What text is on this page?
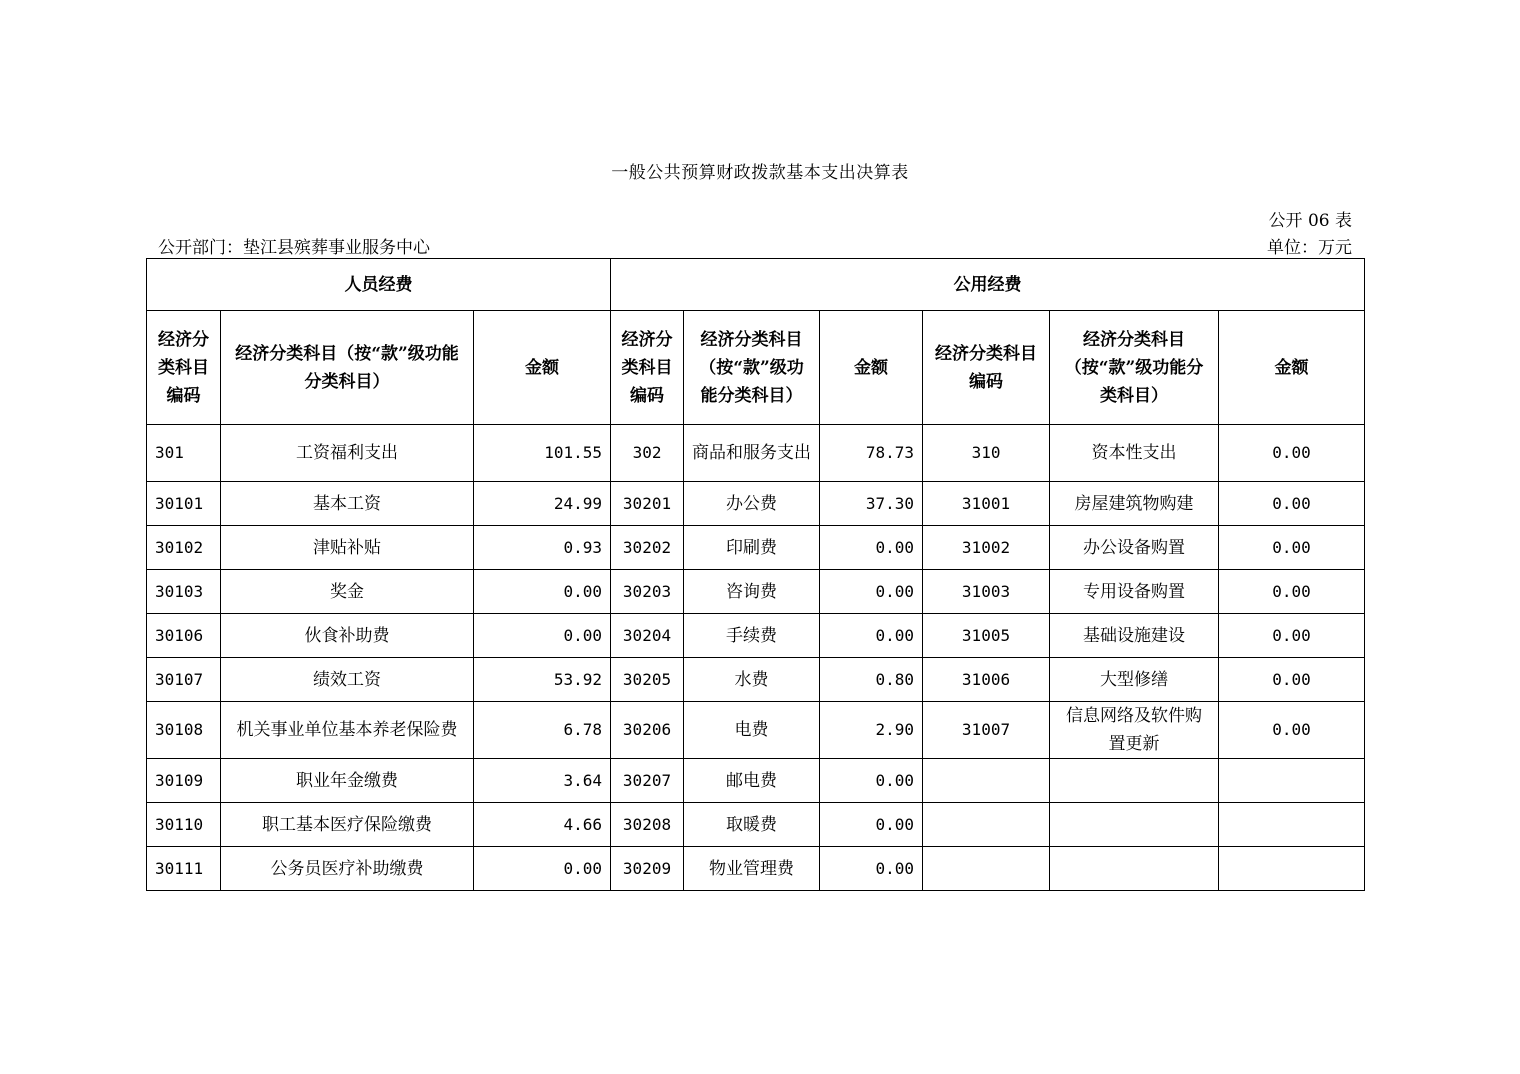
一般公共预算财政拨款基本支出决算表
公开 06 表
公开部门：垫江县殡葬事业服务中心	单位：万元
人员经费			公用经费					
经济分类科目编码	经济分类科目（按“款”级功能分类科目）	金额	经济分类科目编码	经济分类科目（按“款”级功能分类科目）	金额	经济分类科目编码	经济分类科目（按“款”级功能分类科目）	金额
301	工资福利支出	101.55	302	商品和服务支出	78.73	310	资本性支出	0.00
30101	基本工资	24.99	30201	办公费	37.30	31001	房屋建筑物购建	0.00
30102	津贴补贴	0.93	30202	印刷费	0.00	31002	办公设备购置	0.00
30103	奖金	0.00	30203	咨询费	0.00	31003	专用设备购置	0.00
30106	伙食补助费	0.00	30204	手续费	0.00	31005	基础设施建设	0.00
30107	绩效工资	53.92	30205	水费	0.80	31006	大型修缮	0.00
30108	机关事业单位基本养老保险费	6.78	30206	电费	2.90	31007	信息网络及软件购置更新	0.00
30109	职业年金缴费	3.64	30207	邮电费	0.00			
30110	职工基本医疗保险缴费	4.66	30208	取暖费	0.00			
30111	公务员医疗补助缴费	0.00	30209	物业管理费	0.00			
